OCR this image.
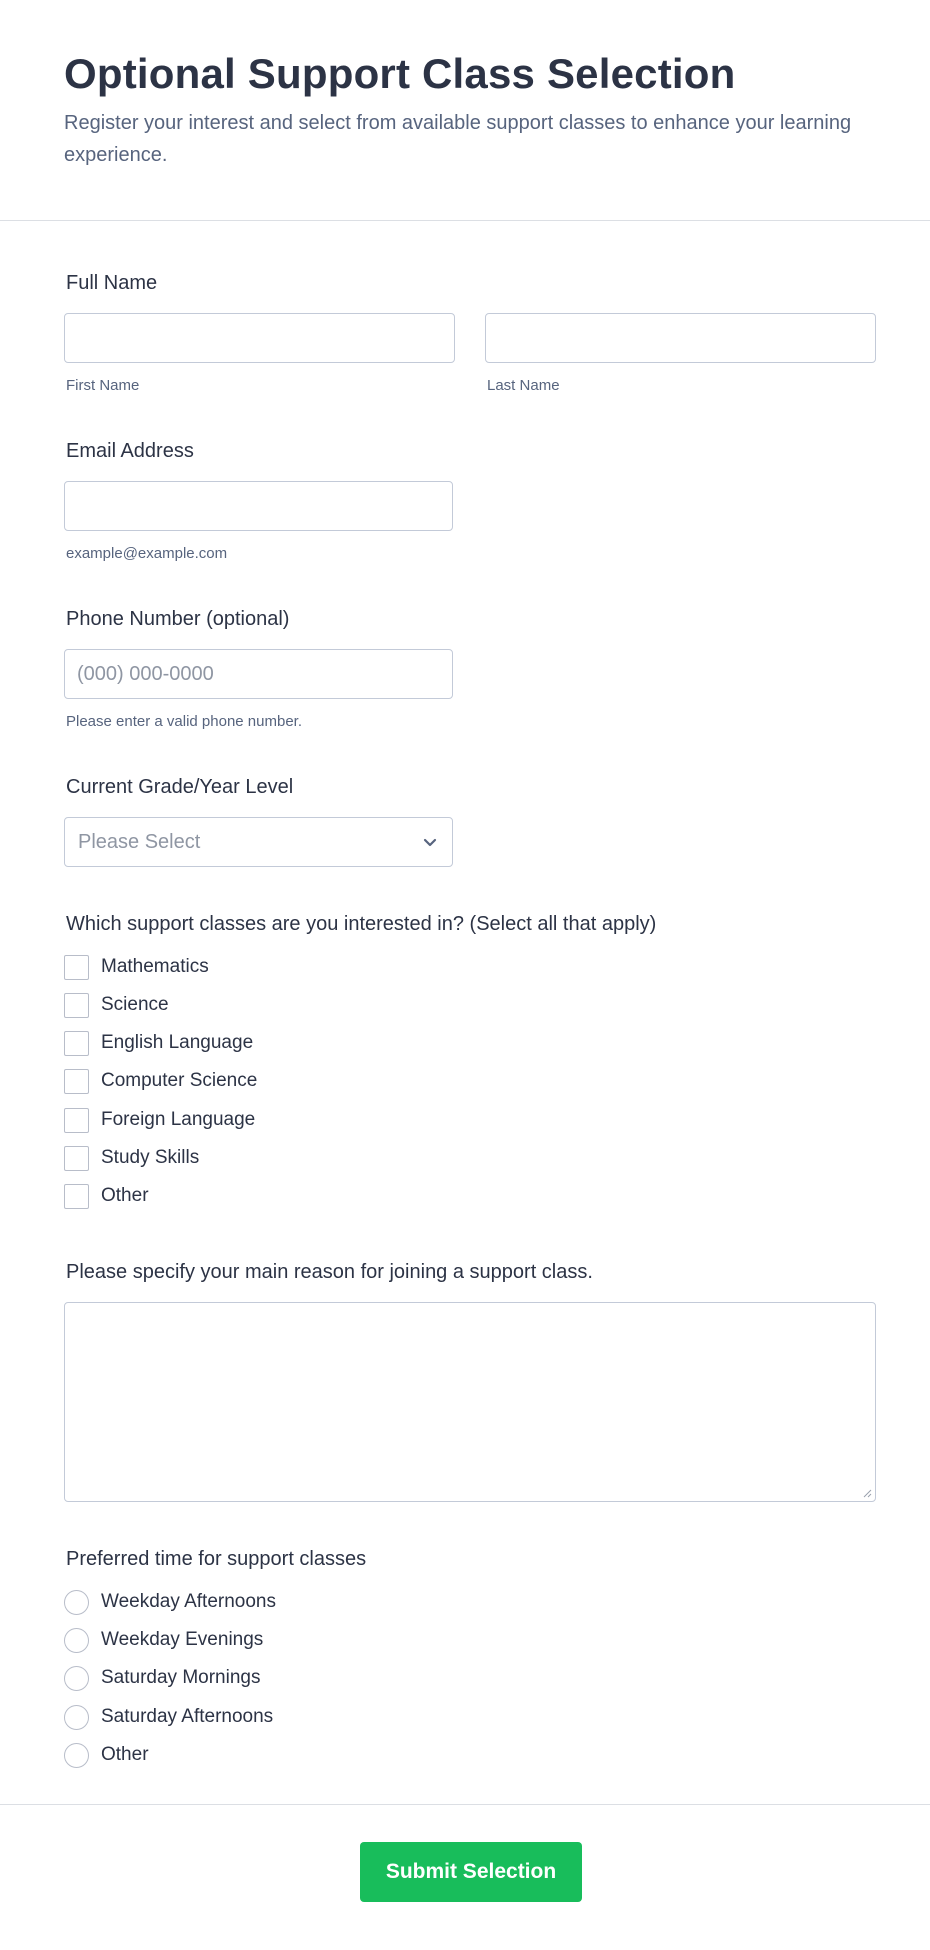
Optional Support Class Selection

Register your interest and select from available support classes to enhance your learning experience.

Full Name
First Name	Last Name
Email Address
example@example.com
Phone Number (optional)
(000) 000-0000
Please enter a valid phone number.
Current Grade/Year Level
Please Select
Which support classes are you interested in? (Select all that apply)
Mathematics
Science
English Language
Computer Science
Foreign Language
Study Skills
Other
Please specify your main reason for joining a support class.
Preferred time for support classes
Weekday Afternoons
Weekday Evenings
Saturday Mornings
Saturday Afternoons
Other
Submit Selection
